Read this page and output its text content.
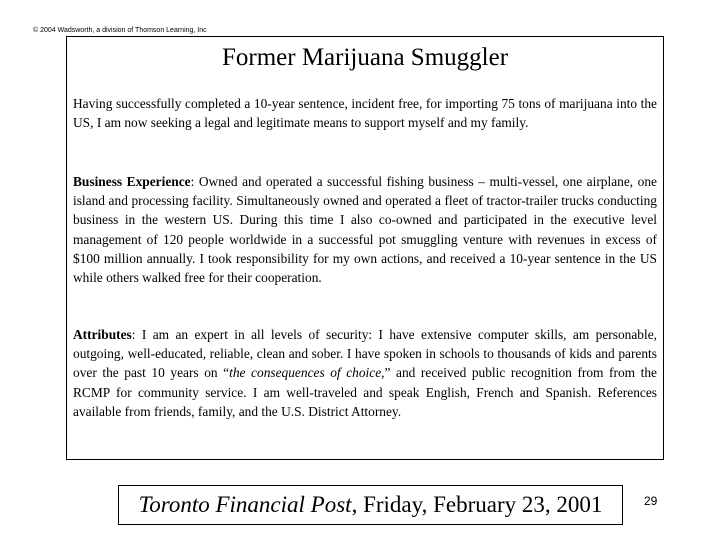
© 2004 Wadsworth, a division of Thomson Learning, Inc
Former Marijuana Smuggler

Having successfully completed a 10-year sentence, incident free, for importing 75 tons of marijuana into the US, I am now seeking a legal and legitimate means to support myself and my family.

Business Experience: Owned and operated a successful fishing business – multi-vessel, one airplane, one island and processing facility. Simultaneously owned and operated a fleet of tractor-trailer trucks conducting business in the western US. During this time I also co-owned and participated in the executive level management of 120 people worldwide in a successful pot smuggling venture with revenues in excess of $100 million annually. I took responsibility for my own actions, and received a 10-year sentence in the US while others walked free for their cooperation.

Attributes: I am an expert in all levels of security: I have extensive computer skills, am personable, outgoing, well-educated, reliable, clean and sober. I have spoken in schools to thousands of kids and parents over the past 10 years on “the consequences of choice,” and received public recognition from from the RCMP for community service. I am well-traveled and speak English, French and Spanish. References available from friends, family, and the U.S. District Attorney.

Toronto Financial Post, Friday, February 23, 2001	29
